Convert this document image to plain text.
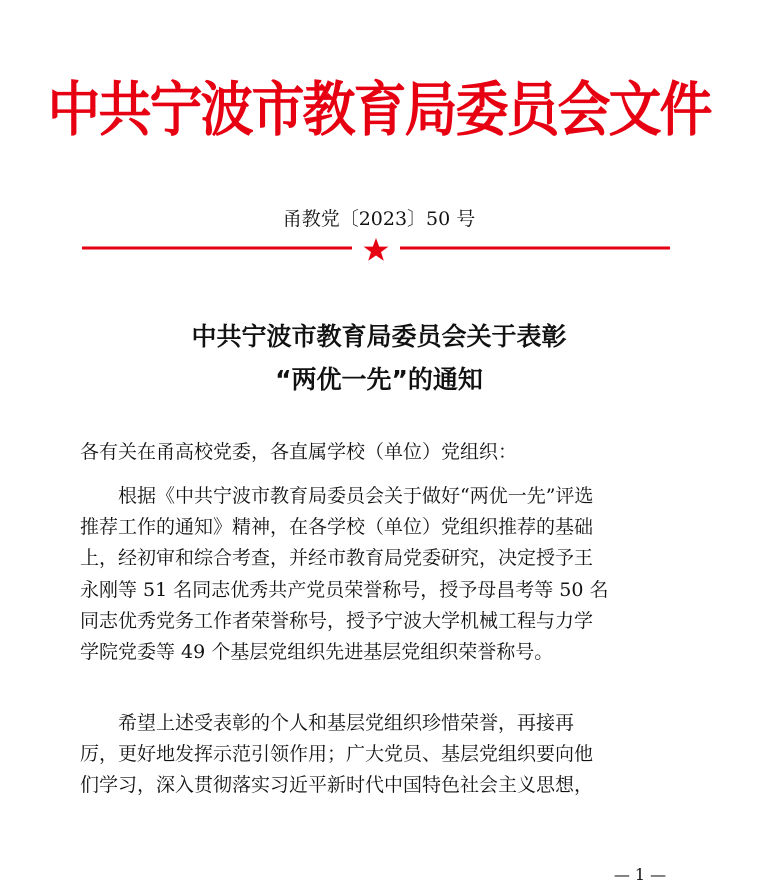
中共宁波市教育局委员会文件
甬教党〔2023〕50 号
中共宁波市教育局委员会关于表彰
“两优一先”的通知
各有关在甬高校党委，各直属学校（单位）党组织：
　　根据《中共宁波市教育局委员会关于做好“两优一先”评选
推荐工作的通知》精神，在各学校（单位）党组织推荐的基础
上，经初审和综合考查，并经市教育局党委研究，决定授予王
永刚等 51 名同志优秀共产党员荣誉称号，授予母昌考等 50 名
同志优秀党务工作者荣誉称号，授予宁波大学机械工程与力学
学院党委等 49 个基层党组织先进基层党组织荣誉称号。
　　希望上述受表彰的个人和基层党组织珍惜荣誉，再接再
厉，更好地发挥示范引领作用；广大党员、基层党组织要向他
们学习，深入贯彻落实习近平新时代中国特色社会主义思想，
— 1 —
